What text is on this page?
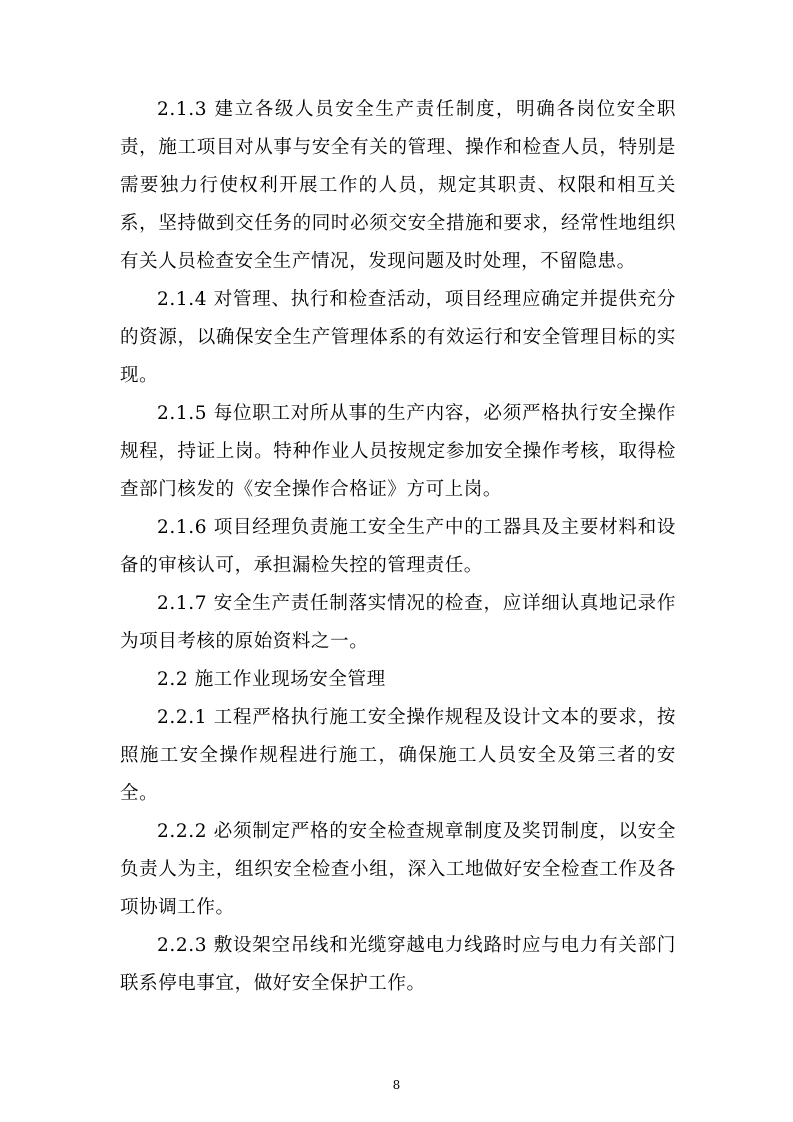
2.1.3 建立各级人员安全生产责任制度，明确各岗位安全职责，施工项目对从事与安全有关的管理、操作和检查人员，特别是需要独力行使权利开展工作的人员，规定其职责、权限和相互关系，坚持做到交任务的同时必须交安全措施和要求，经常性地组织有关人员检查安全生产情况，发现问题及时处理，不留隐患。

2.1.4 对管理、执行和检查活动，项目经理应确定并提供充分的资源，以确保安全生产管理体系的有效运行和安全管理目标的实现。

2.1.5 每位职工对所从事的生产内容，必须严格执行安全操作规程，持证上岗。特种作业人员按规定参加安全操作考核，取得检查部门核发的《安全操作合格证》方可上岗。

2.1.6 项目经理负责施工安全生产中的工器具及主要材料和设备的审核认可，承担漏检失控的管理责任。

2.1.7 安全生产责任制落实情况的检查，应详细认真地记录作为项目考核的原始资料之一。

2.2 施工作业现场安全管理

2.2.1 工程严格执行施工安全操作规程及设计文本的要求，按照施工安全操作规程进行施工，确保施工人员安全及第三者的安全。

2.2.2 必须制定严格的安全检查规章制度及奖罚制度，以安全负责人为主，组织安全检查小组，深入工地做好安全检查工作及各项协调工作。

2.2.3 敷设架空吊线和光缆穿越电力线路时应与电力有关部门联系停电事宜，做好安全保护工作。

8
